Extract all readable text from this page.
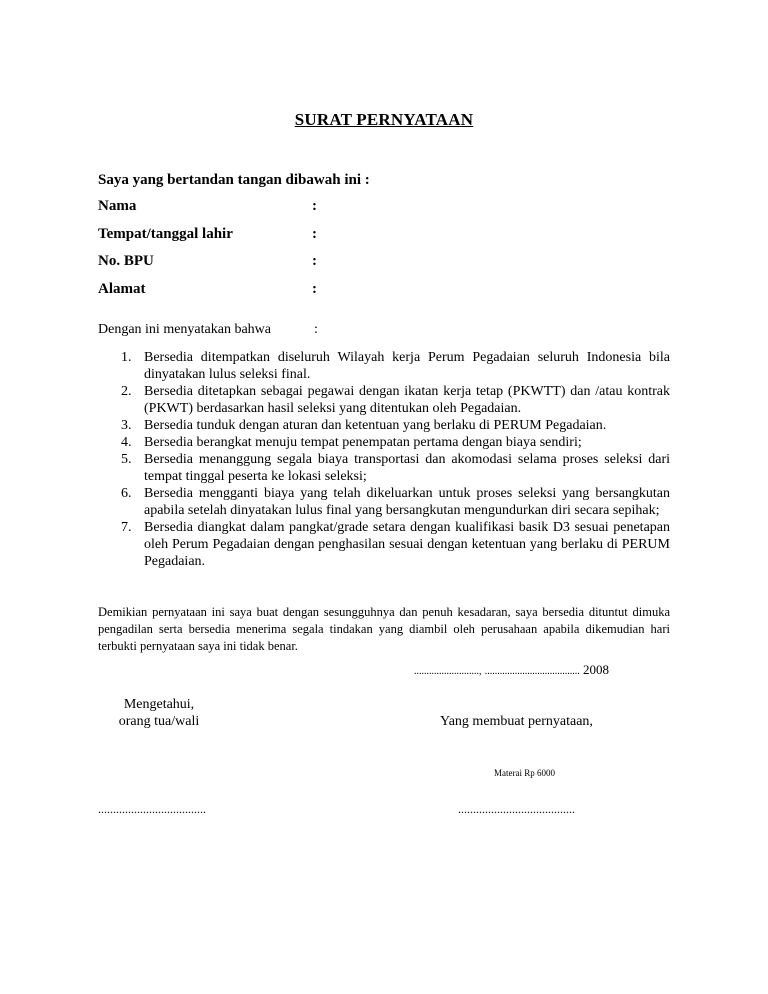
SURAT PERNYATAAN
Saya yang bertandan tangan dibawah ini :
Nama	:
Tempat/tanggal lahir	:
No. BPU	:
Alamat	:
Dengan ini menyatakan bahwa	:
1. Bersedia ditempatkan diseluruh Wilayah kerja Perum Pegadaian seluruh Indonesia bila dinyatakan lulus seleksi final.
2. Bersedia ditetapkan sebagai pegawai dengan ikatan kerja tetap (PKWTT) dan /atau kontrak (PKWT) berdasarkan hasil seleksi yang ditentukan oleh Pegadaian.
3. Bersedia tunduk dengan aturan dan ketentuan yang berlaku di PERUM Pegadaian.
4. Bersedia berangkat menuju tempat penempatan pertama dengan biaya sendiri;
5. Bersedia menanggung segala biaya transportasi dan akomodasi selama proses seleksi dari tempat tinggal peserta ke lokasi seleksi;
6. Bersedia mengganti biaya yang telah dikeluarkan untuk proses seleksi yang bersangkutan apabila setelah dinyatakan lulus final yang bersangkutan mengundurkan diri secara sepihak;
7. Bersedia diangkat dalam pangkat/grade setara dengan kualifikasi basik D3 sesuai penetapan oleh Perum Pegadaian dengan penghasilan sesuai dengan ketentuan yang berlaku di PERUM Pegadaian.
Demikian pernyataan ini saya buat dengan sesungguhnya dan penuh kesadaran, saya bersedia dituntut dimuka pengadilan serta bersedia menerima segala tindakan yang diambil oleh perusahaan apabila dikemudian hari terbukti pernyataan saya ini tidak benar.
.........................., ...................................... 2008
Mengetahui,
orang tua/wali	Yang membuat pernyataan,
Materai Rp 6000
....................................	.......................................
